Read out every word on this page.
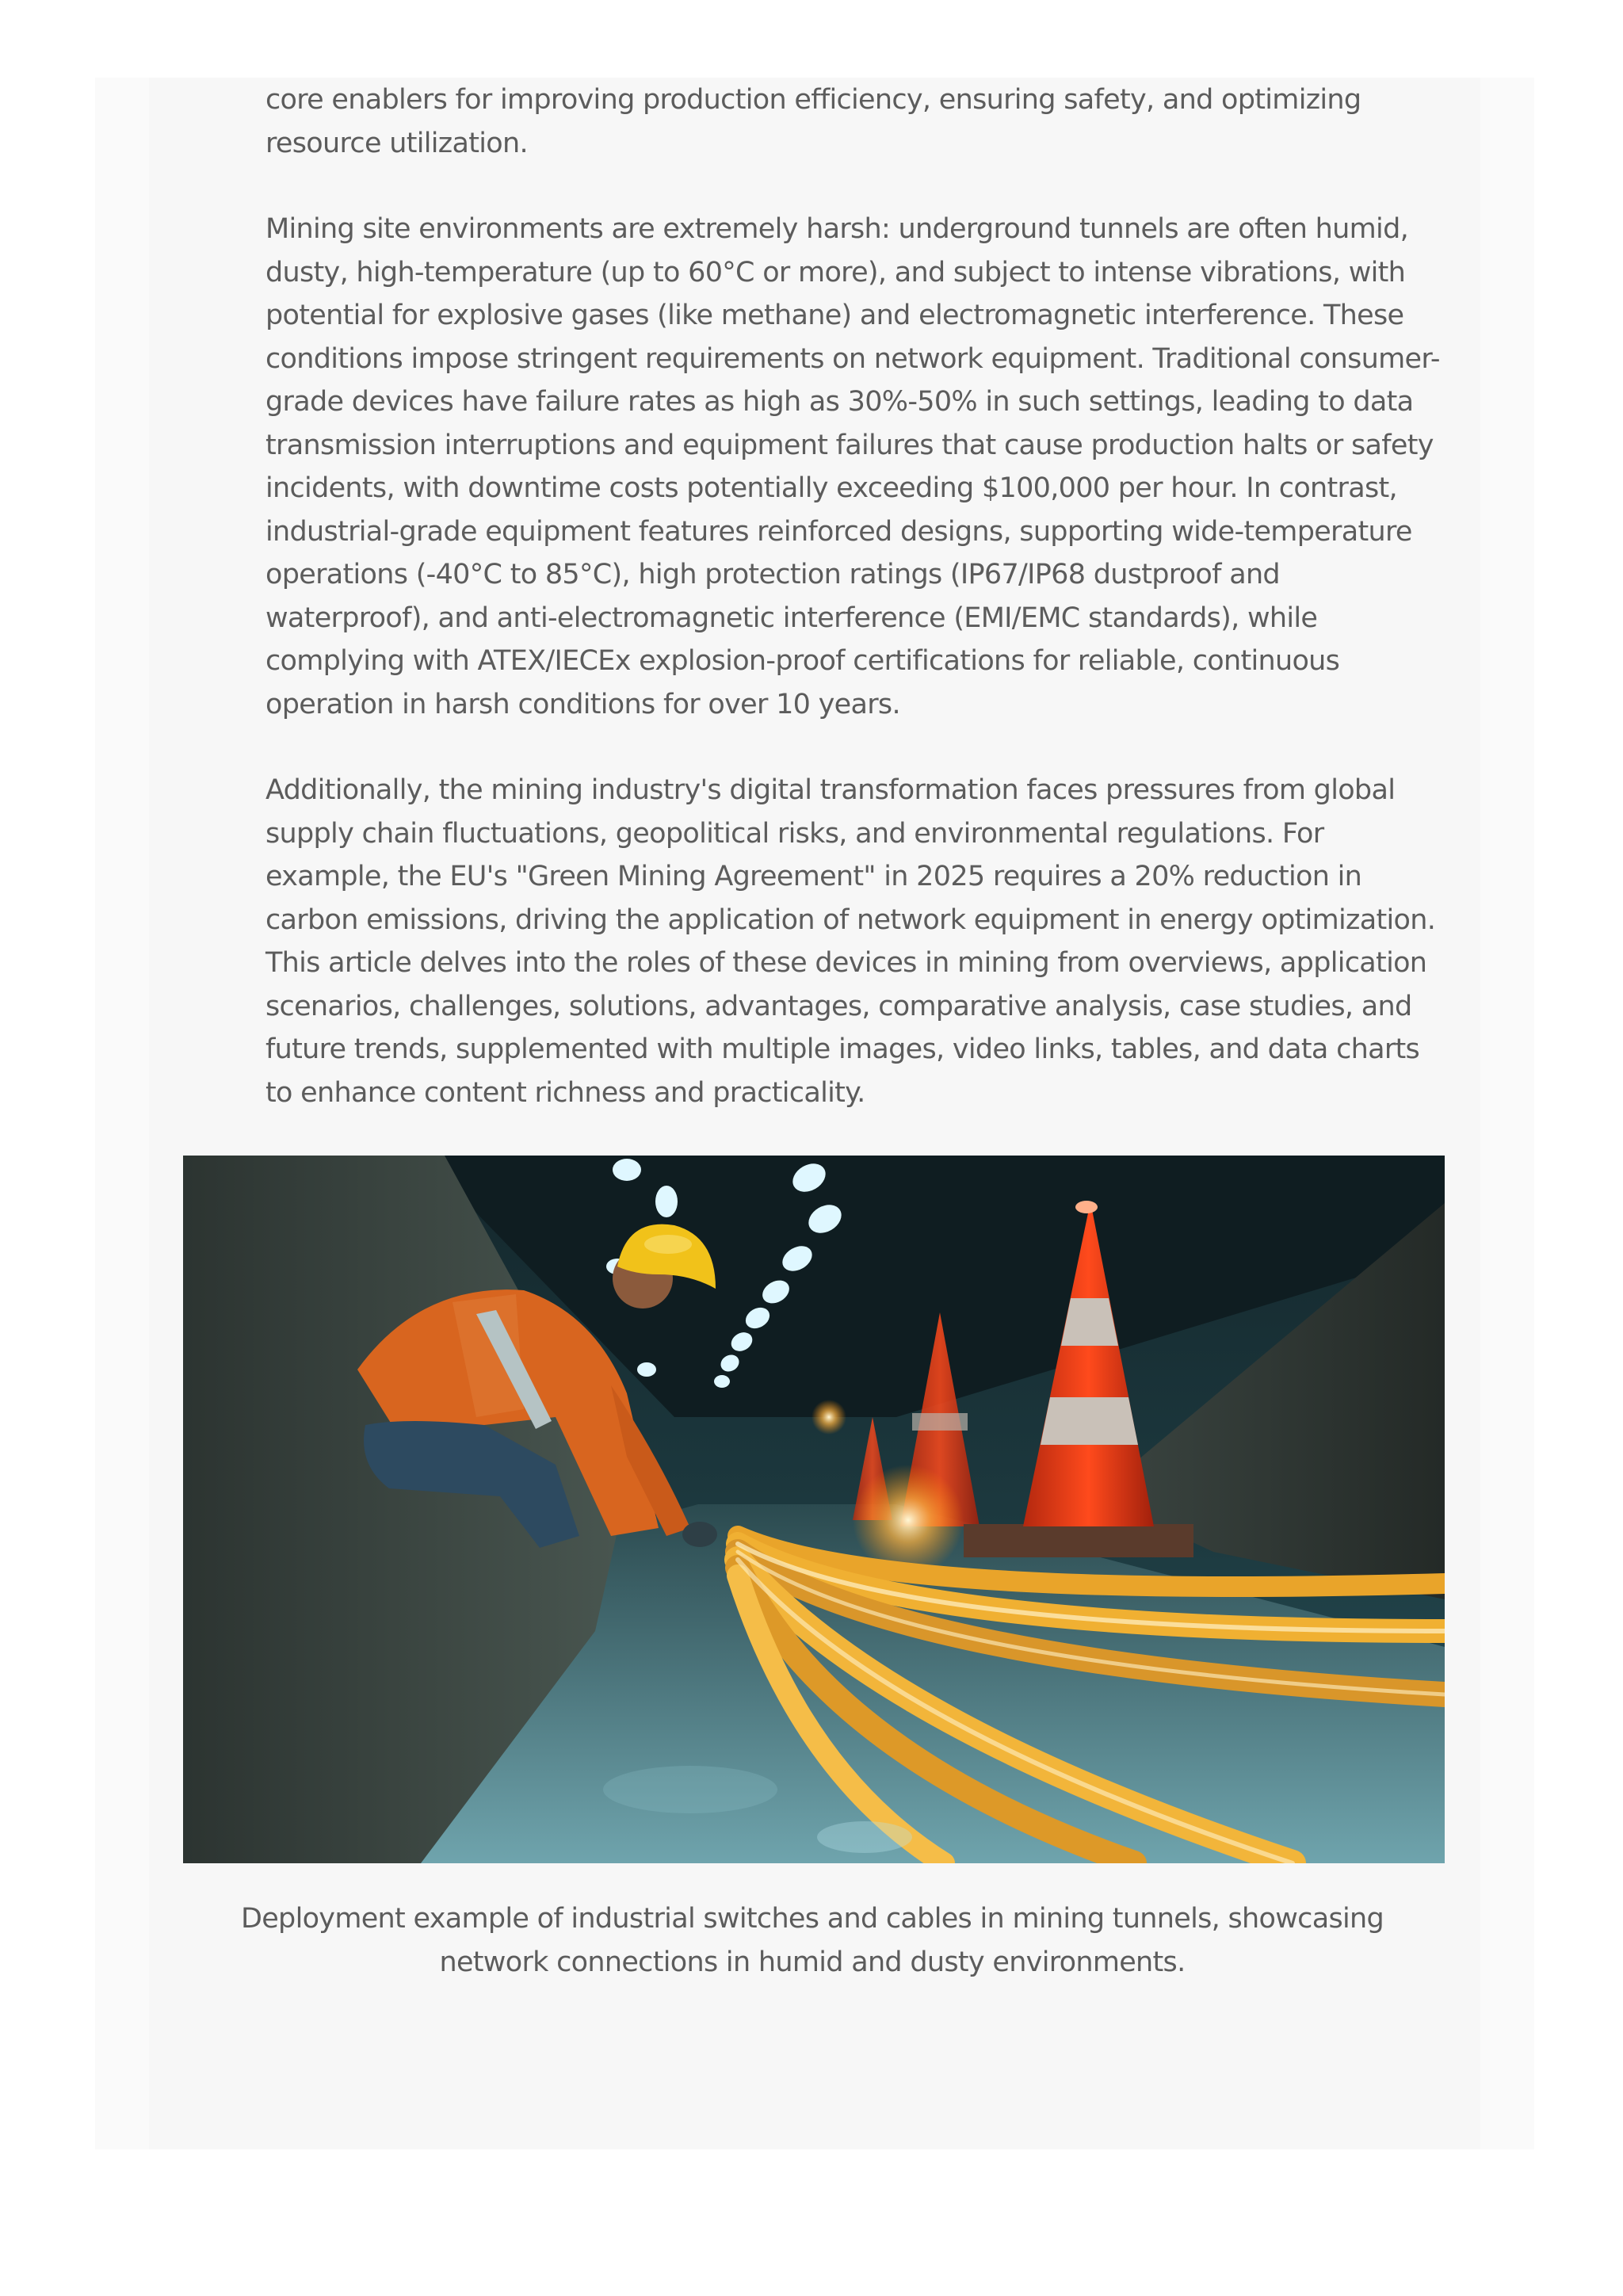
core enablers for improving production efficiency, ensuring safety, and optimizing resource utilization.

Mining site environments are extremely harsh: underground tunnels are often humid, dusty, high-temperature (up to 60°C or more), and subject to intense vibrations, with potential for explosive gases (like methane) and electromagnetic interference. These conditions impose stringent requirements on network equipment. Traditional consumer-grade devices have failure rates as high as 30%-50% in such settings, leading to data transmission interruptions and equipment failures that cause production halts or safety incidents, with downtime costs potentially exceeding $100,000 per hour. In contrast, industrial-grade equipment features reinforced designs, supporting wide-temperature operations (-40°C to 85°C), high protection ratings (IP67/IP68 dustproof and waterproof), and anti-electromagnetic interference (EMI/EMC standards), while complying with ATEX/IECEx explosion-proof certifications for reliable, continuous operation in harsh conditions for over 10 years.

Additionally, the mining industry's digital transformation faces pressures from global supply chain fluctuations, geopolitical risks, and environmental regulations. For example, the EU's "Green Mining Agreement" in 2025 requires a 20% reduction in carbon emissions, driving the application of network equipment in energy optimization. This article delves into the roles of these devices in mining from overviews, application scenarios, challenges, solutions, advantages, comparative analysis, case studies, and future trends, supplemented with multiple images, video links, tables, and data charts to enhance content richness and practicality.

Deployment example of industrial switches and cables in mining tunnels, showcasing network connections in humid and dusty environments.
